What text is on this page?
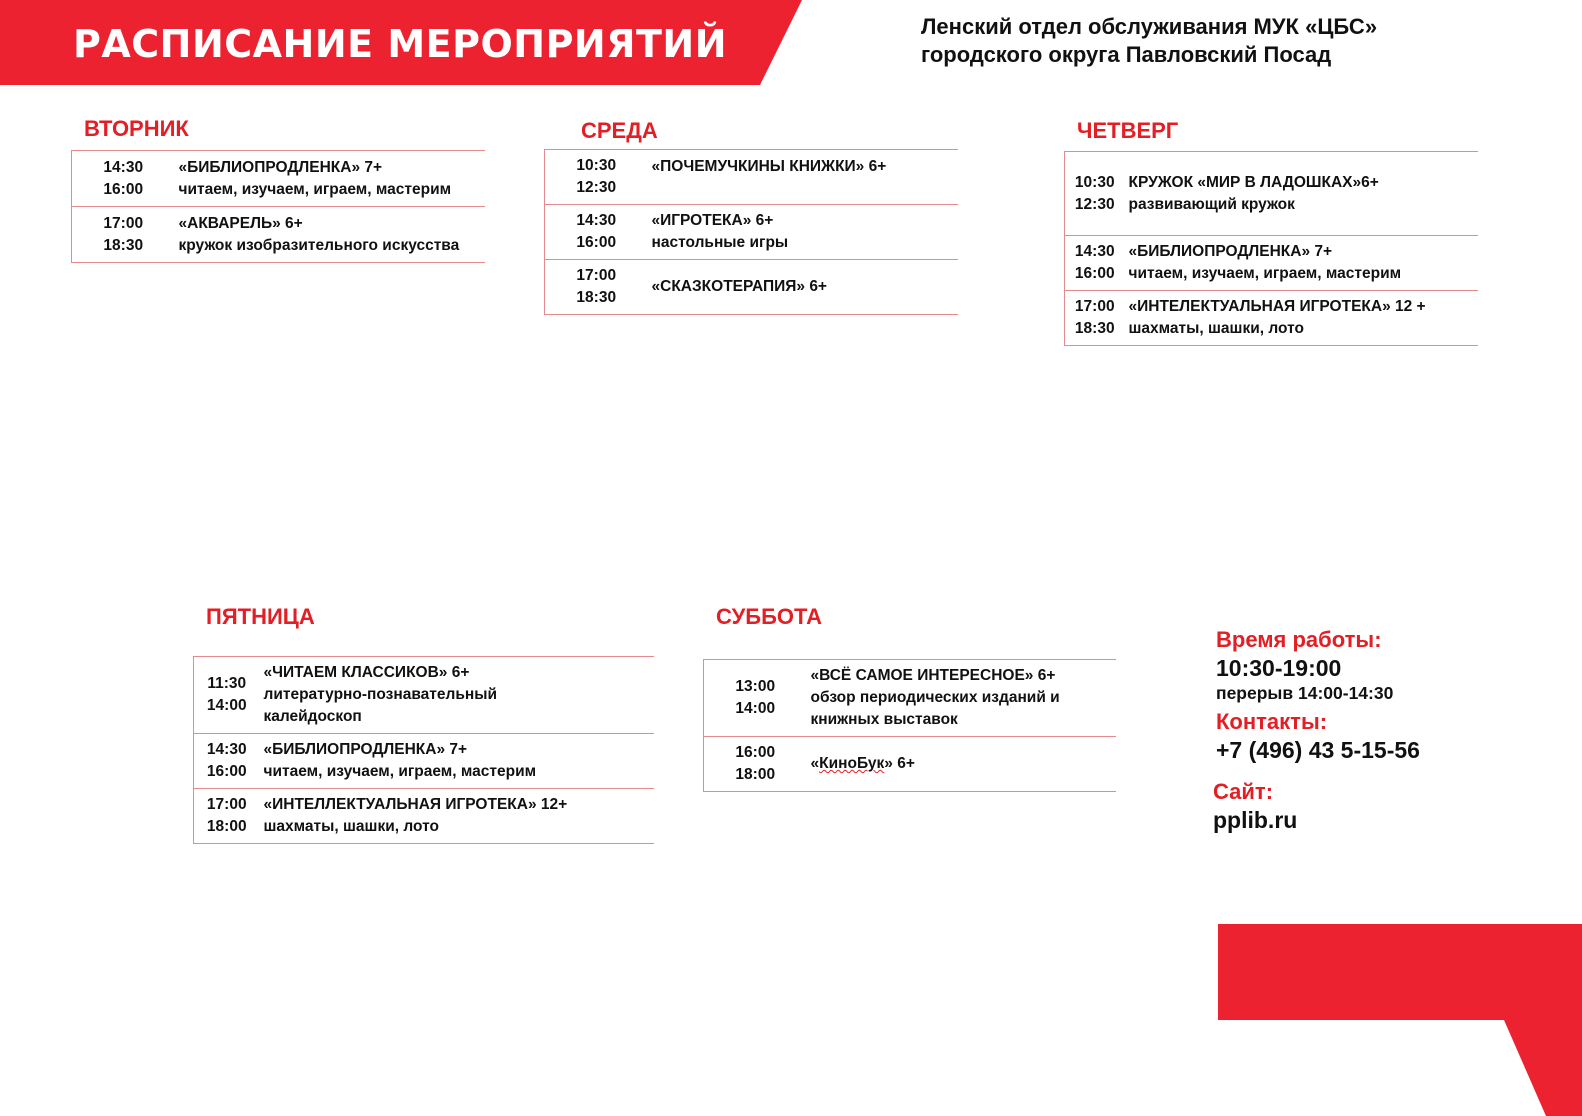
РАСПИСАНИЕ МЕРОПРИЯТИЙ	Ленский отдел обслуживания МУК «ЦБС»
городского округа Павловский Посад
ВТОРНИК
14:30
16:00	«БИБЛИОПРОДЛЕНКА» 7+
читаем, изучаем, играем, мастерим

17:00
18:30	«АКВАРЕЛЬ» 6+
кружок изобразительного искусства
СРЕДА
10:30
12:30	«ПОЧЕМУЧКИНЫ КНИЖКИ» 6+

14:30
16:00	«ИГРОТЕКА» 6+
настольные игры

17:00
18:30	«СКАЗКОТЕРАПИЯ» 6+
ЧЕТВЕРГ
10:30
12:30	КРУЖОК «МИР В ЛАДОШКАХ»6+
развивающий кружок

14:30
16:00	«БИБЛИОПРОДЛЕНКА» 7+
читаем, изучаем, играем, мастерим

17:00
18:30	«ИНТЕЛЕКТУАЛЬНАЯ ИГРОТЕКА» 12 +
шахматы, шашки, лото
ПЯТНИЦА
11:30
14:00	«ЧИТАЕМ КЛАССИКОВ» 6+
литературно-познавательный
калейдоскоп

14:30
16:00	«БИБЛИОПРОДЛЕНКА» 7+
читаем, изучаем, играем, мастерим

17:00
18:00	«ИНТЕЛЛЕКТУАЛЬНАЯ ИГРОТЕКА» 12+
шахматы, шашки, лото
СУББОТА
13:00
14:00	«ВСЁ САМОЕ ИНТЕРЕСНОЕ» 6+
обзор периодических изданий и
книжных выставок

16:00
18:00	«КиноБук» 6+
Время работы:
10:30-19:00
перерыв 14:00-14:30
Контакты:
+7 (496) 43 5-15-56
Сайт:
pplib.ru
